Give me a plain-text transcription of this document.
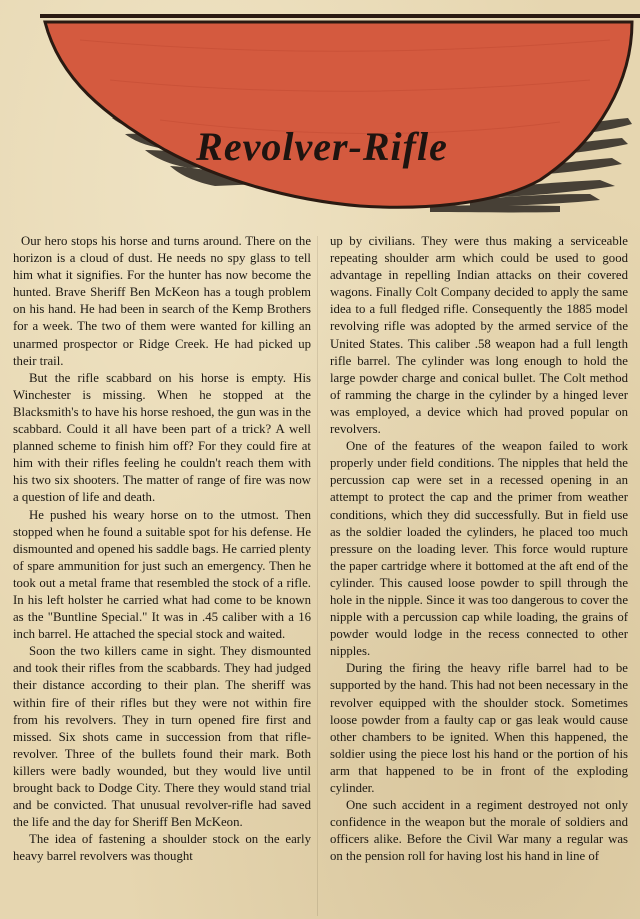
Revolver-Rifle

Our hero stops his horse and turns around. There on the horizon is a cloud of dust. He needs no spy glass to tell him what it signifies. For the hunter has now become the hunted. Brave Sheriff Ben McKeon has a tough problem on his hand. He had been in search of the Kemp Brothers for a week. The two of them were wanted for killing an unarmed prospector or Ridge Creek. He had picked up their trail.

But the rifle scabbard on his horse is empty. His Winchester is missing. When he stopped at the Blacksmith's to have his horse reshoed, the gun was in the scabbard. Could it all have been part of a trick? A well planned scheme to finish him off? For they could fire at him with their rifles feeling he couldn't reach them with his two six shooters. The matter of range of fire was now a question of life and death.

He pushed his weary horse on to the utmost. Then stopped when he found a suitable spot for his defense. He dismounted and opened his saddle bags. He carried plenty of spare ammunition for just such an emergency. Then he took out a metal frame that resembled the stock of a rifle. In his left holster he carried what had come to be known as the "Buntline Special." It was in .45 caliber with a 16 inch barrel. He attached the special stock and waited.

Soon the two killers came in sight. They dismounted and took their rifles from the scabbards. They had judged their distance according to their plan. The sheriff was within fire of their rifles but they were not within fire from his revolvers. They in turn opened fire first and missed. Six shots came in succession from that rifle-revolver. Three of the bullets found their mark. Both killers were badly wounded, but they would live until brought back to Dodge City. There they would stand trial and be convicted. That unusual revolver-rifle had saved the life and the day for Sheriff Ben McKeon.

The idea of fastening a shoulder stock on the early heavy barrel revolvers was thought

up by civilians. They were thus making a serviceable repeating shoulder arm which could be used to good advantage in repelling Indian attacks on their covered wagons. Finally Colt Company decided to apply the same idea to a full fledged rifle. Consequently the 1885 model revolving rifle was adopted by the armed service of the United States. This caliber .58 weapon had a full length rifle barrel. The cylinder was long enough to hold the large powder charge and conical bullet. The Colt method of ramming the charge in the cylinder by a hinged lever was employed, a device which had proved popular on revolvers.

One of the features of the weapon failed to work properly under field conditions. The nipples that held the percussion cap were set in a recessed opening in an attempt to protect the cap and the primer from weather conditions, which they did successfully. But in field use as the soldier loaded the cylinders, he placed too much pressure on the loading lever. This force would rupture the paper cartridge where it bottomed at the aft end of the cylinder. This caused loose powder to spill through the hole in the nipple. Since it was too dangerous to cover the nipple with a percussion cap while loading, the grains of powder would lodge in the recess connected to other nipples.

During the firing the heavy rifle barrel had to be supported by the hand. This had not been necessary in the revolver equipped with the shoulder stock. Sometimes loose powder from a faulty cap or gas leak would cause other chambers to be ignited. When this happened, the soldier using the piece lost his hand or the portion of his arm that happened to be in front of the exploding cylinder.

One such accident in a regiment destroyed not only confidence in the weapon but the morale of soldiers and officers alike. Before the Civil War many a regular was on the pension roll for having lost his hand in line of
